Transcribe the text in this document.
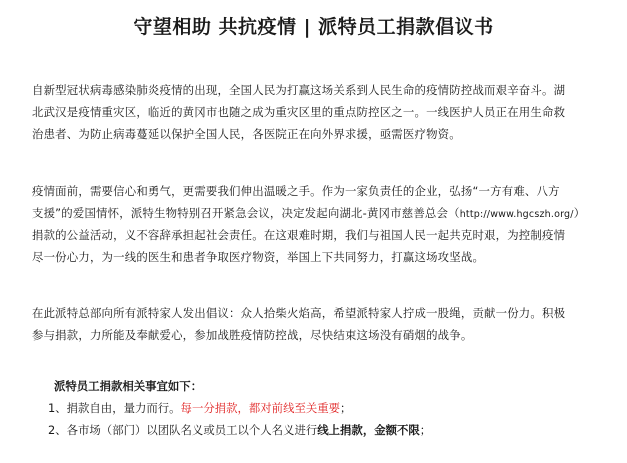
守望相助 共抗疫情 | 派特员工捐款倡议书
自新型冠状病毒感染肺炎疫情的出现，全国人民为打赢这场关系到人民生命的疫情防控战而艰辛奋斗。湖
北武汉是疫情重灾区，临近的黄冈市也随之成为重灾区里的重点防控区之一。一线医护人员正在用生命救
治患者、为防止病毒蔓延以保护全国人民，各医院正在向外界求援，亟需医疗物资。
疫情面前，需要信心和勇气，更需要我们伸出温暖之手。作为一家负责任的企业，弘扬“一方有难、八方
支援”的爱国情怀，派特生物特别召开紧急会议，决定发起向湖北-黄冈市慈善总会（http://www.hgcszh.org/）
捐款的公益活动，义不容辞承担起社会责任。在这艰难时期，我们与祖国人民一起共克时艰，为控制疫情
尽一份心力，为一线的医生和患者争取医疗物资，举国上下共同努力，打赢这场攻坚战。
在此派特总部向所有派特家人发出倡议：众人拾柴火焰高，希望派特家人拧成一股绳，贡献一份力。积极
参与捐款，力所能及奉献爱心，参加战胜疫情防控战，尽快结束这场没有硝烟的战争。
派特员工捐款相关事宜如下：
1、捐款自由，量力而行。每一分捐款，都对前线至关重要；
2、各市场（部门）以团队名义或员工以个人名义进行线上捐款，金额不限；
